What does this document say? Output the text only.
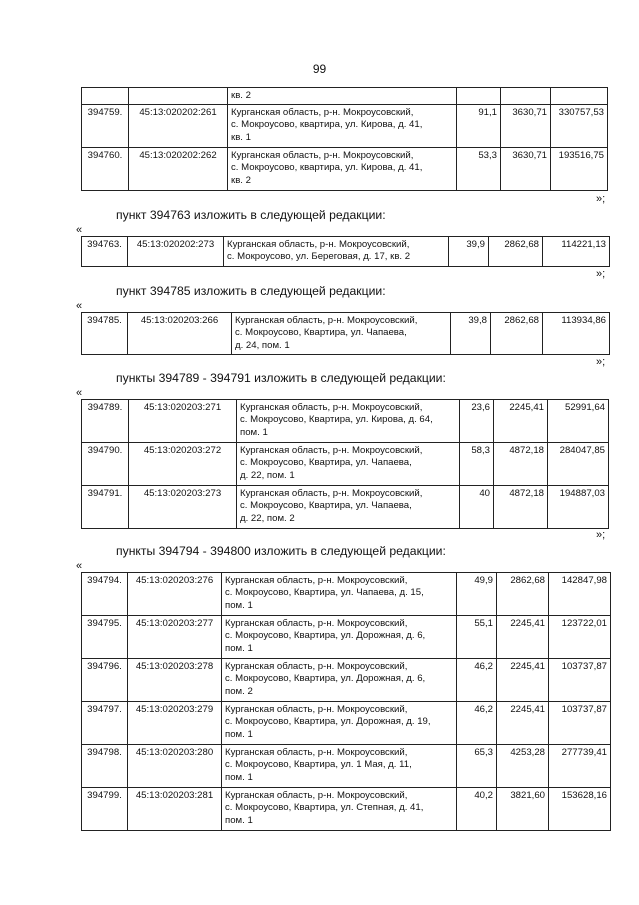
99

		кв. 2			

394759.	45:13:020202:261	Курганская область, р-н. Мокроусовский,
с. Мокроусово, квартира, ул. Кирова, д. 41,
кв. 1	91,1	3630,71	330757,53
394760.	45:13:020202:262	Курганская область, р-н. Мокроусовский,
с. Мокроусово, квартира, ул. Кирова, д. 41,
кв. 2	53,3	3630,71	193516,75
»;
пункт 394763 изложить в следующей редакции:
«
394763.	45:13:020202:273	Курганская область, р-н. Мокроусовский,
с. Мокроусово, ул. Береговая, д. 17, кв. 2
	39,9	2862,68	114221,13
»;
пункт 394785 изложить в следующей редакции:
«
394785.	45:13:020203:266	Курганская область, р-н. Мокроусовский,
с. Мокроусово, Квартира, ул. Чапаева,
д. 24, пом. 1
	39,8	2862,68	113934,86
»;
пункты 394789 - 394791 изложить в следующей редакции:
«
394789.	45:13:020203:271	Курганская область, р-н. Мокроусовский,
с. Мокроусово, Квартира, ул. Кирова, д. 64,
пом. 1	23,6	2245,41	52991,64
394790.	45:13:020203:272	Курганская область, р-н. Мокроусовский,
с. Мокроусово, Квартира, ул. Чапаева,
д. 22, пом. 1	58,3	4872,18	284047,85
394791.	45:13:020203:273	Курганская область, р-н. Мокроусовский,
с. Мокроусово, Квартира, ул. Чапаева,
д. 22, пом. 2	40	4872,18	194887,03
»;
пункты 394794 - 394800 изложить в следующей редакции:
«
394794.	45:13:020203:276	Курганская область, р-н. Мокроусовский,
с. Мокроусово, Квартира, ул. Чапаева, д. 15,
пом. 1	49,9	2862,68	142847,98
394795.	45:13:020203:277	Курганская область, р-н. Мокроусовский,
с. Мокроусово, Квартира, ул. Дорожная, д. 6,
пом. 1	55,1	2245,41	123722,01
394796.	45:13:020203:278	Курганская область, р-н. Мокроусовский,
с. Мокроусово, Квартира, ул. Дорожная, д. 6,
пом. 2	46,2	2245,41	103737,87
394797.	45:13:020203:279	Курганская область, р-н. Мокроусовский,
с. Мокроусово, Квартира, ул. Дорожная, д. 19,
пом. 1	46,2	2245,41	103737,87
394798.	45:13:020203:280	Курганская область, р-н. Мокроусовский,
с. Мокроусово, Квартира, ул. 1 Мая, д. 11,
пом. 1	65,3	4253,28	277739,41
394799.	45:13:020203:281	Курганская область, р-н. Мокроусовский,
с. Мокроусово, Квартира, ул. Степная, д. 41,
пом. 1	40,2	3821,60	153628,16
